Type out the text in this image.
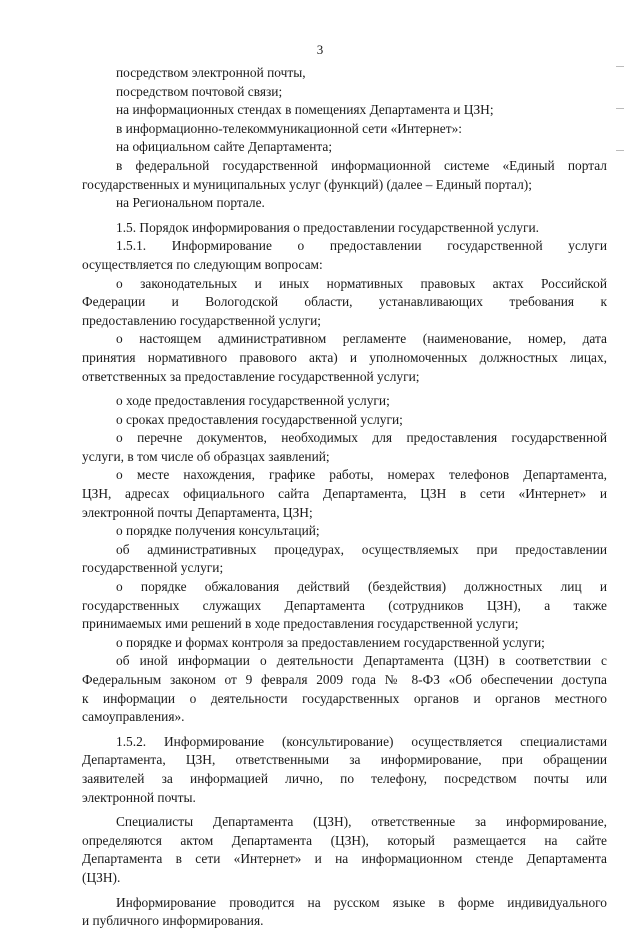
3
посредством электронной почты,
посредством почтовой связи;
на информационных стендах в помещениях Департамента и ЦЗН;
в информационно-телекоммуникационной сети «Интернет»:
на официальном сайте Департамента;
в федеральной государственной информационной системе «Единый портал
государственных и муниципальных услуг (функций) (далее – Единый портал);
на Региональном портале.
1.5. Порядок информирования о предоставлении государственной услуги.
1.5.1. Информирование о предоставлении государственной услуги
осуществляется по следующим вопросам:
о законодательных и иных нормативных правовых актах Российской
Федерации и Вологодской области, устанавливающих требования к
предоставлению государственной услуги;
о настоящем административном регламенте (наименование, номер, дата
принятия нормативного правового акта) и уполномоченных должностных лицах,
ответственных за предоставление государственной услуги;
о ходе предоставления государственной услуги;
о сроках предоставления государственной услуги;
о перечне документов, необходимых для предоставления государственной
услуги, в том числе об образцах заявлений;
о месте нахождения, графике работы, номерах телефонов Департамента,
ЦЗН, адресах официального сайта Департамента, ЦЗН в сети «Интернет» и
электронной почты Департамента, ЦЗН;
о порядке получения консультаций;
об административных процедурах, осуществляемых при предоставлении
государственной услуги;
о порядке обжалования действий (бездействия) должностных лиц и
государственных служащих Департамента (сотрудников ЦЗН), а также
принимаемых ими решений в ходе предоставления государственной услуги;
о порядке и формах контроля за предоставлением государственной услуги;
об иной информации о деятельности Департамента (ЦЗН) в соответствии с
Федеральным законом от 9 февраля 2009 года № 8-ФЗ «Об обеспечении доступа
к информации о деятельности государственных органов и органов местного
самоуправления».
1.5.2. Информирование (консультирование) осуществляется специалистами
Департамента, ЦЗН, ответственными за информирование, при обращении
заявителей за информацией лично, по телефону, посредством почты или
электронной почты.
Специалисты Департамента (ЦЗН), ответственные за информирование,
определяются актом Департамента (ЦЗН), который размещается на сайте
Департамента в сети «Интернет» и на информационном стенде Департамента
(ЦЗН).
Информирование проводится на русском языке в форме индивидуального
и публичного информирования.
